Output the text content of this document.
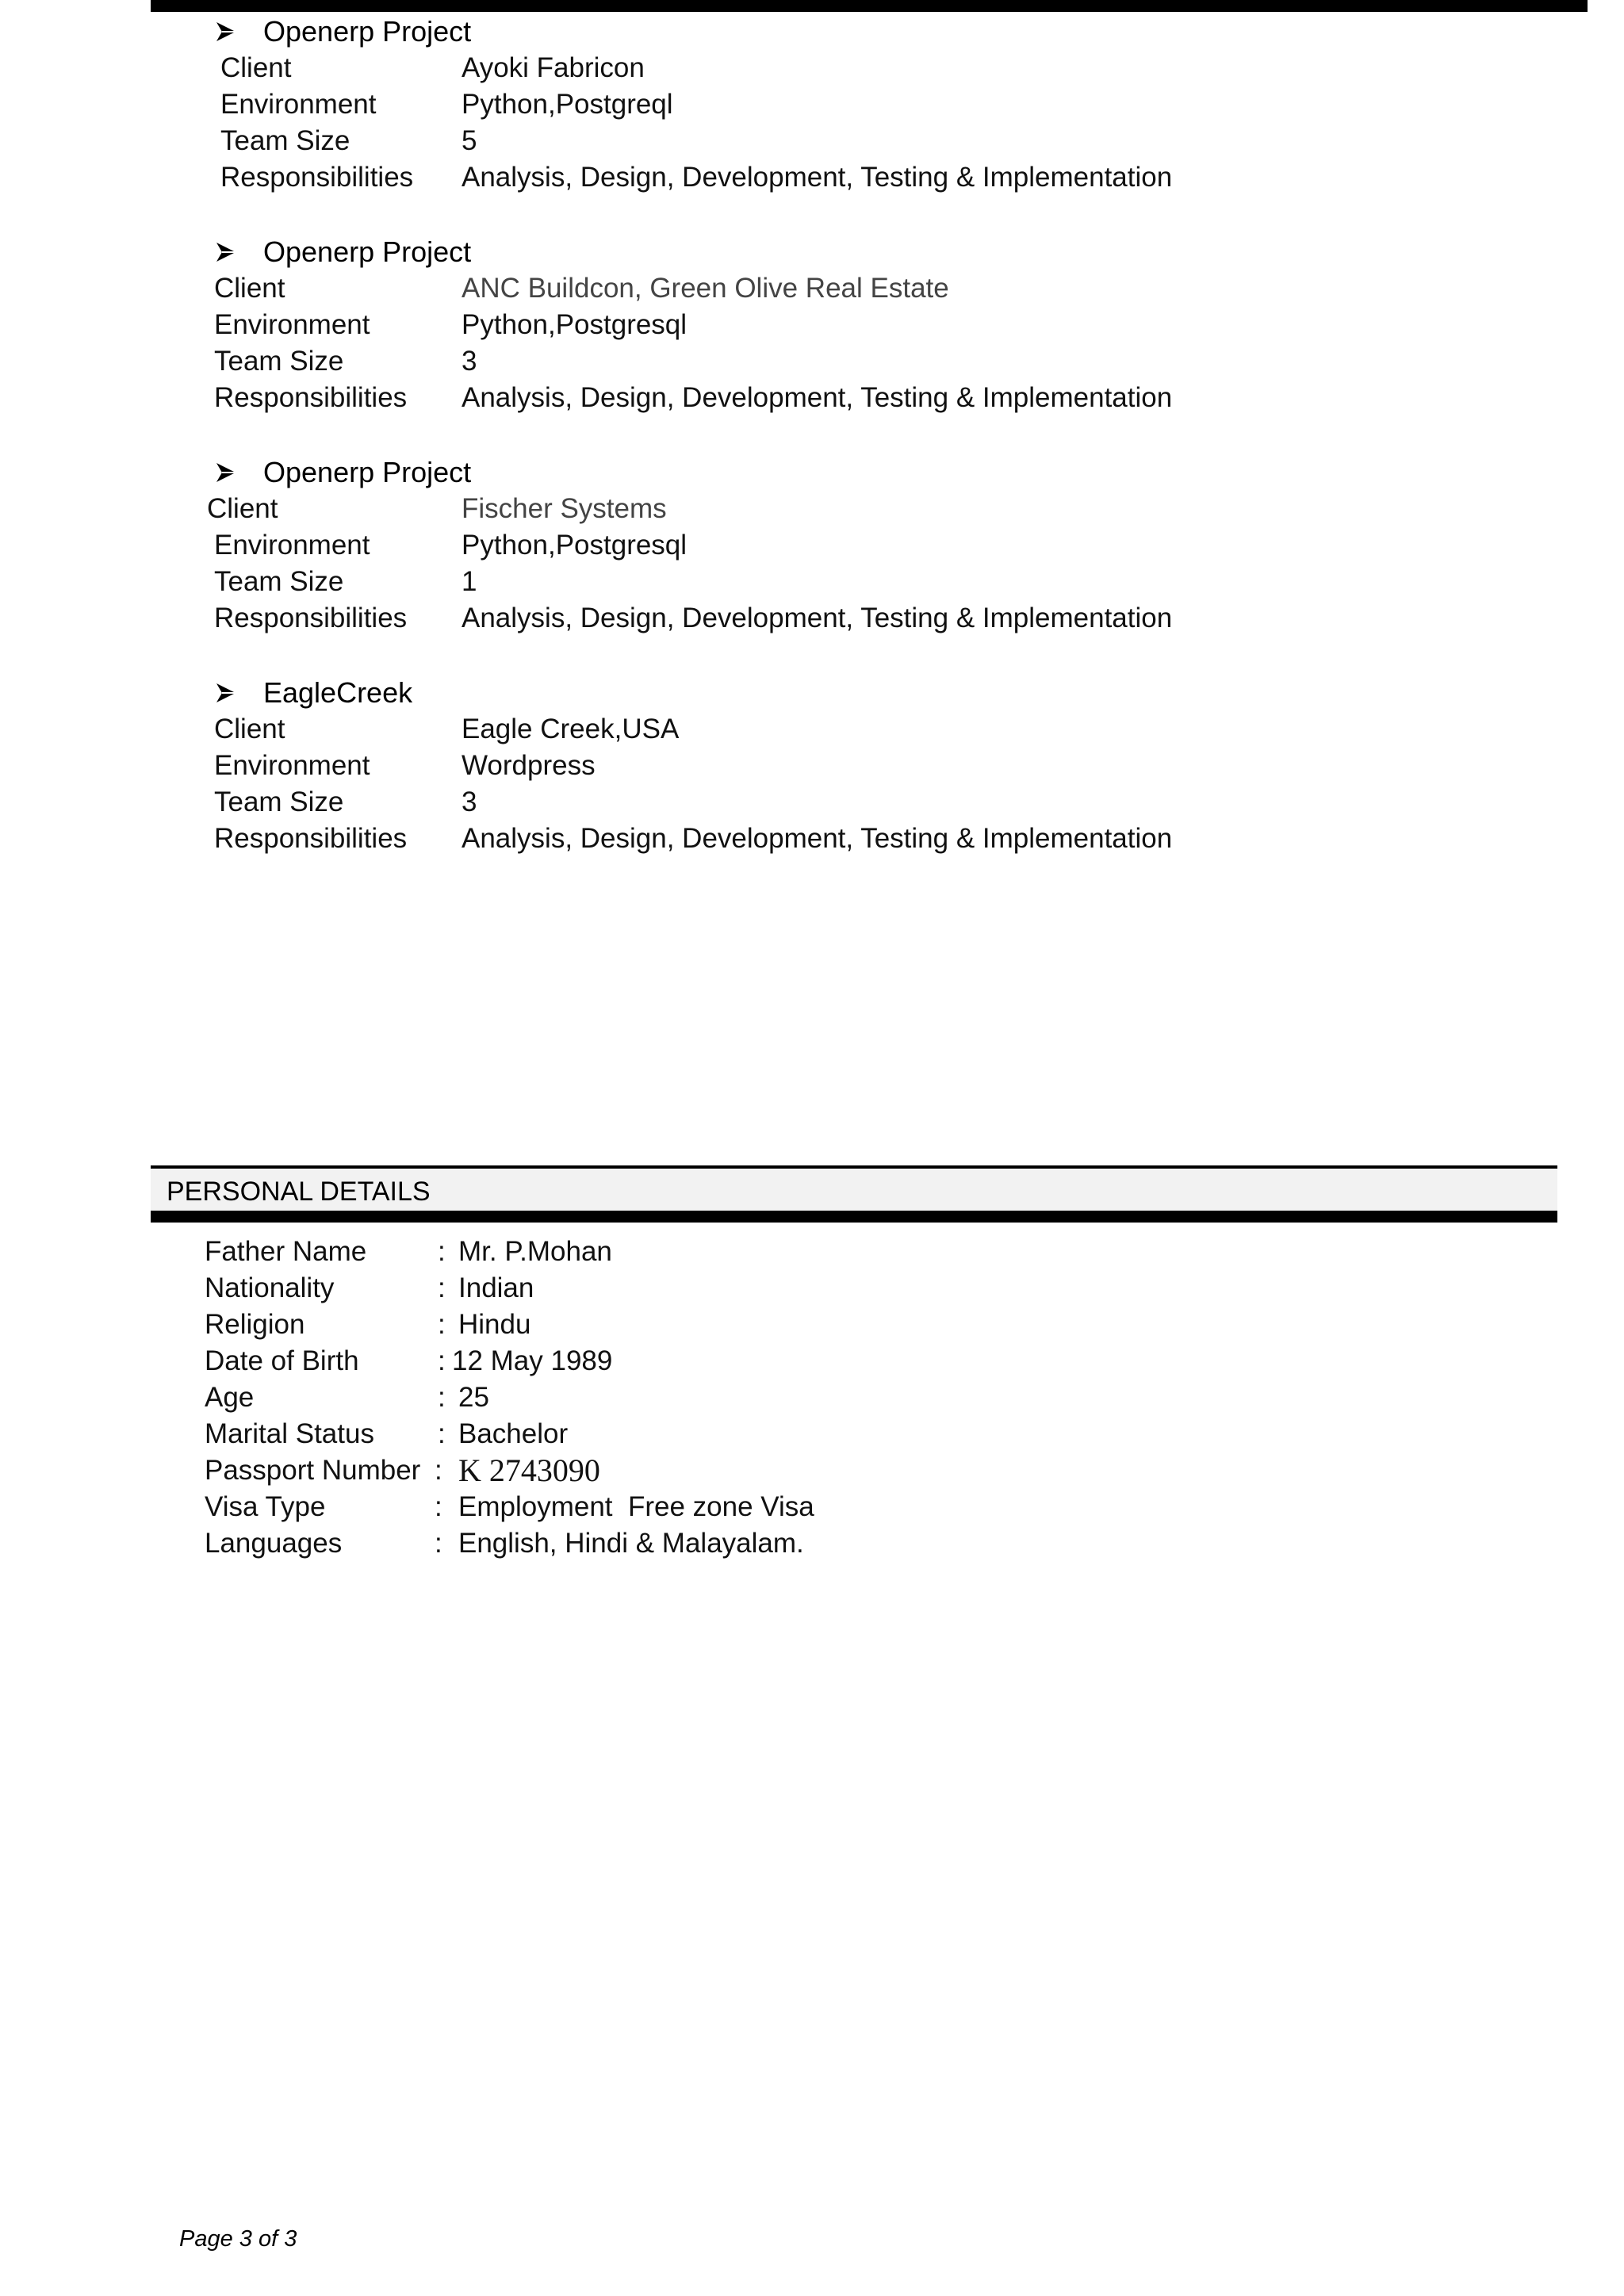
Openerp Project
Client	Ayoki Fabricon
Environment	Python,Postgreql
Team Size	5
Responsibilities Analysis, Design, Development, Testing & Implementation
Openerp Project
Client	ANC Buildcon, Green Olive Real Estate
Environment	Python,Postgresql
Team Size	3
Responsibilities Analysis, Design, Development, Testing & Implementation
Openerp Project
Client	Fischer Systems
Environment	Python,Postgresql
Team Size	1
Responsibilities Analysis, Design, Development, Testing & Implementation
EagleCreek
Client	Eagle Creek,USA
Environment	Wordpress
Team Size	3
Responsibilities Analysis, Design, Development, Testing & Implementation
PERSONAL DETAILS
Father Name	: Mr. P.Mohan
Nationality	: Indian
Religion	: Hindu
Date of Birth	: 12 May 1989
Age	: 25
Marital Status : Bachelor
Passport Number : K 2743090
Visa Type	: Employment  Free zone Visa
Languages	: English, Hindi & Malayalam.
Page 3 of 3
